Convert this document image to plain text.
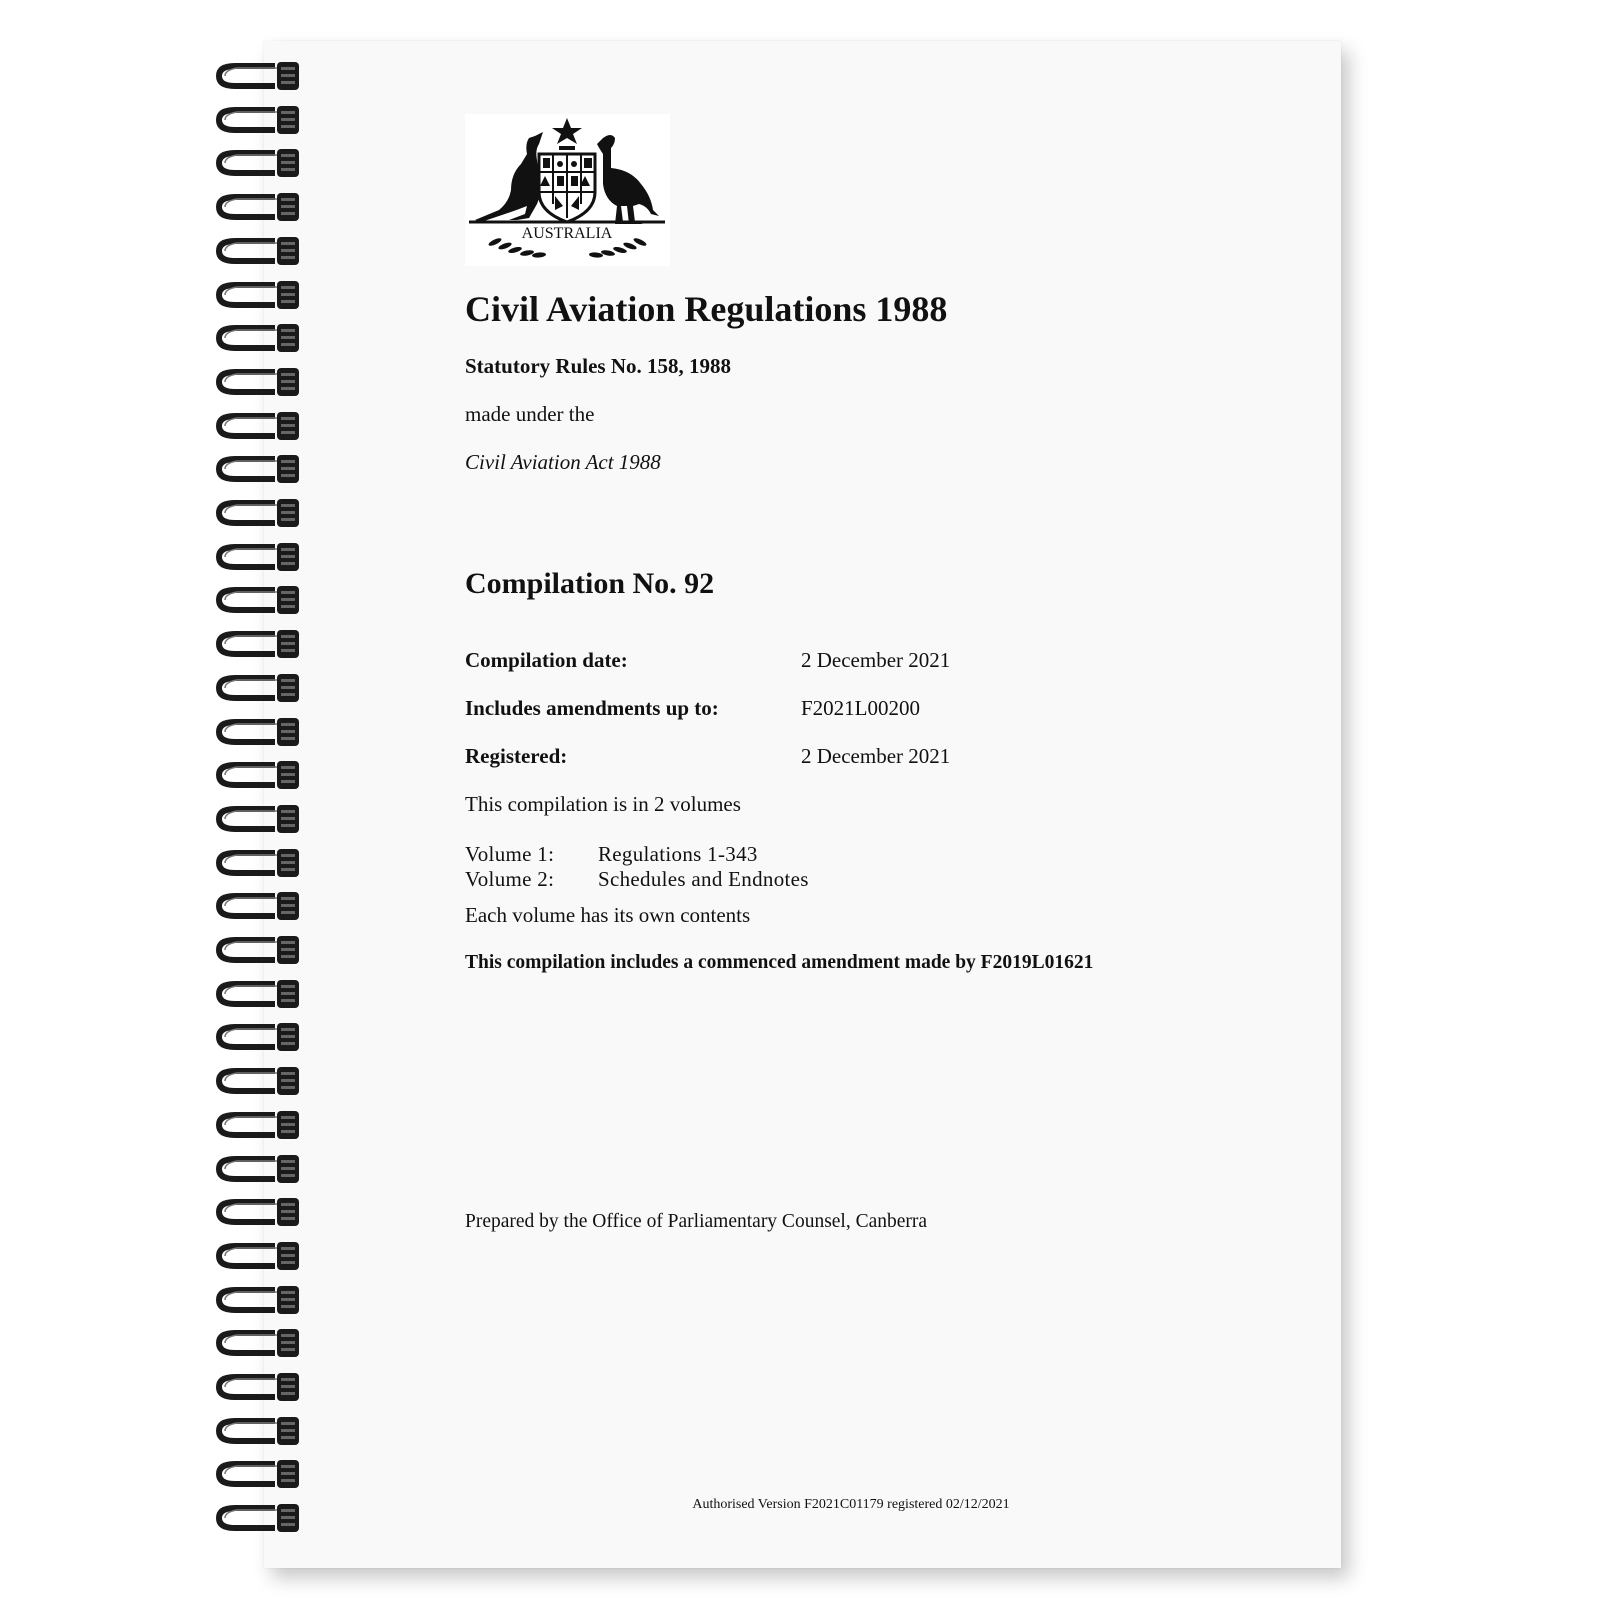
AUSTRALIA
Civil Aviation Regulations 1988
Statutory Rules No. 158, 1988
made under the
Civil Aviation Act 1988
Compilation No. 92
Compilation date:	2 December 2021
Includes amendments up to:	F2021L00200
Registered:	2 December 2021
This compilation is in 2 volumes
Volume 1: Regulations 1-343
Volume 2: Schedules and Endnotes
Each volume has its own contents
This compilation includes a commenced amendment made by F2019L01621
Prepared by the Office of Parliamentary Counsel, Canberra
Authorised Version F2021C01179 registered 02/12/2021
